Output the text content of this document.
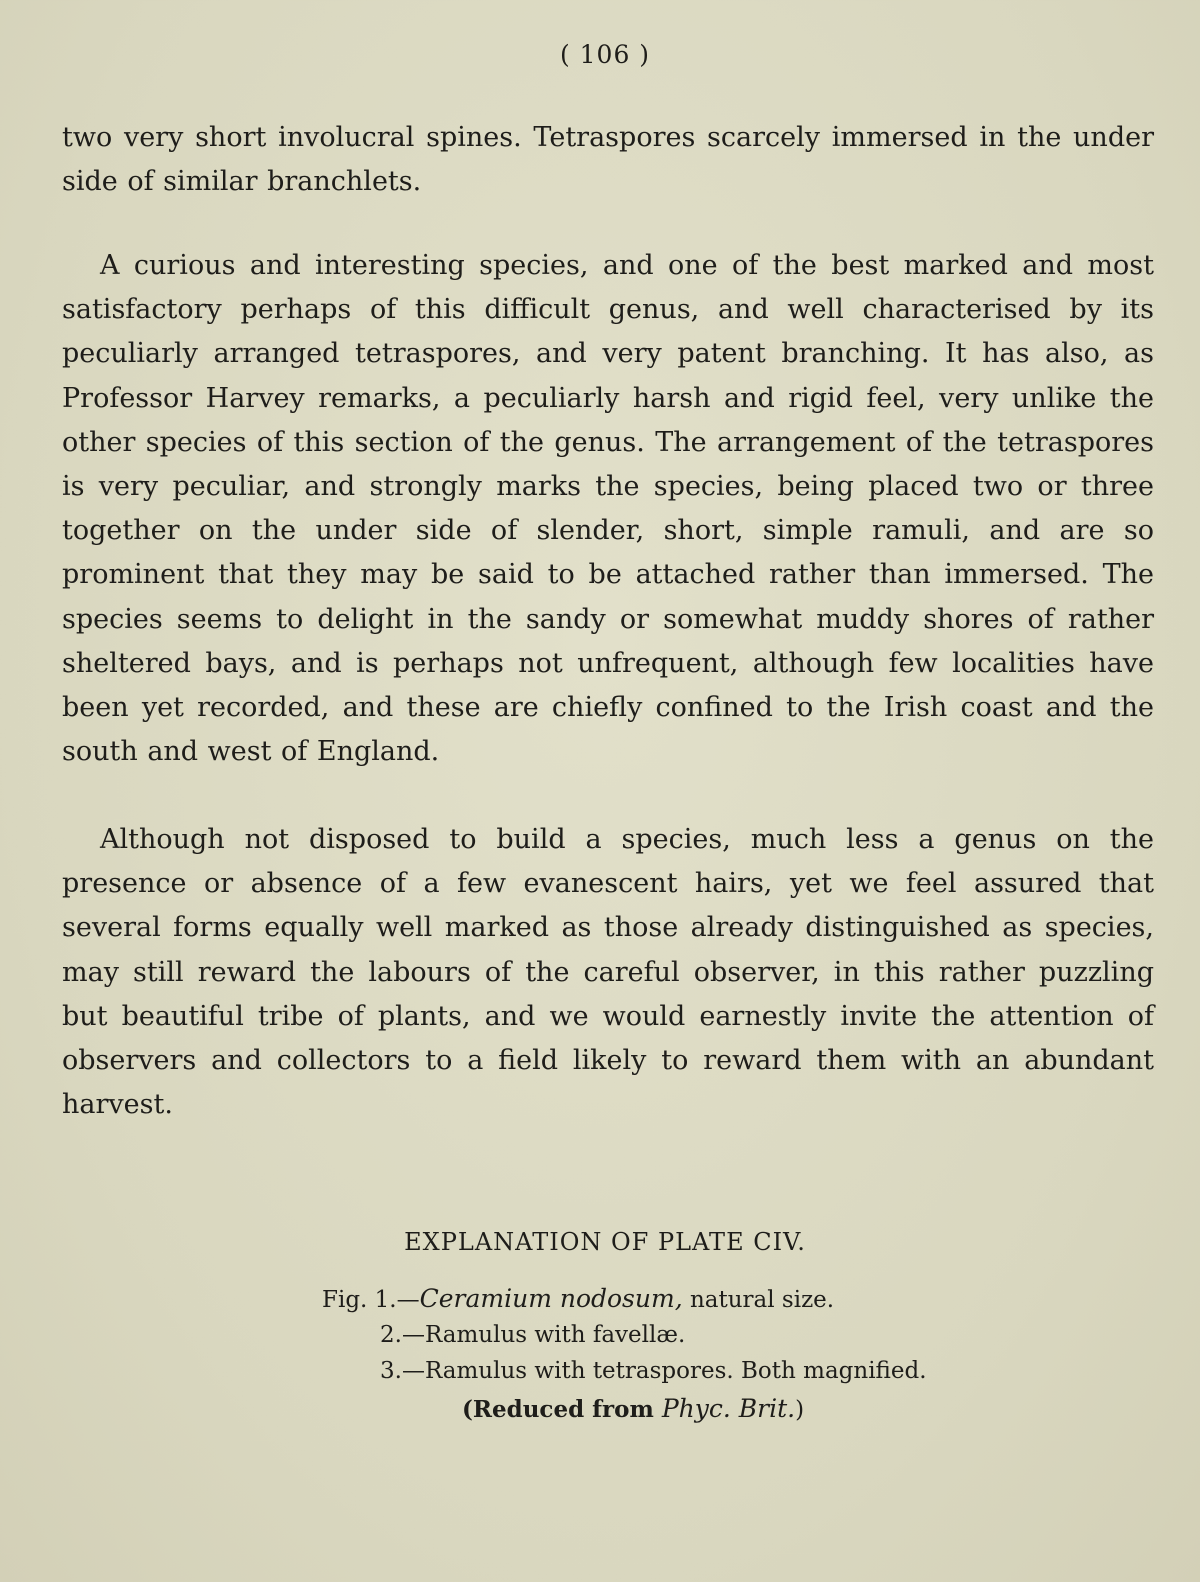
( 106 )

two very short involucral spines. Tetraspores scarcely immersed in the under side of similar branchlets.

A curious and interesting species, and one of the best marked and most satisfactory perhaps of this difficult genus, and well characterised by its peculiarly arranged tetraspores, and very patent branching. It has also, as Professor Harvey remarks, a peculiarly harsh and rigid feel, very unlike the other species of this section of the genus. The arrangement of the tetraspores is very peculiar, and strongly marks the species, being placed two or three together on the under side of slender, short, simple ramuli, and are so prominent that they may be said to be attached rather than immersed. The species seems to delight in the sandy or somewhat muddy shores of rather sheltered bays, and is perhaps not unfrequent, although few localities have been yet recorded, and these are chiefly confined to the Irish coast and the south and west of England.

Although not disposed to build a species, much less a genus on the presence or absence of a few evanescent hairs, yet we feel assured that several forms equally well marked as those already distinguished as species, may still reward the labours of the careful observer, in this rather puzzling but beautiful tribe of plants, and we would earnestly invite the attention of observers and collectors to a field likely to reward them with an abundant harvest.

EXPLANATION OF PLATE CIV.
Fig. 1.—Ceramium nodosum, natural size.
2.—Ramulus with favellæ.
3.—Ramulus with tetraspores. Both magnified.
(Reduced from Phyc. Brit.)
